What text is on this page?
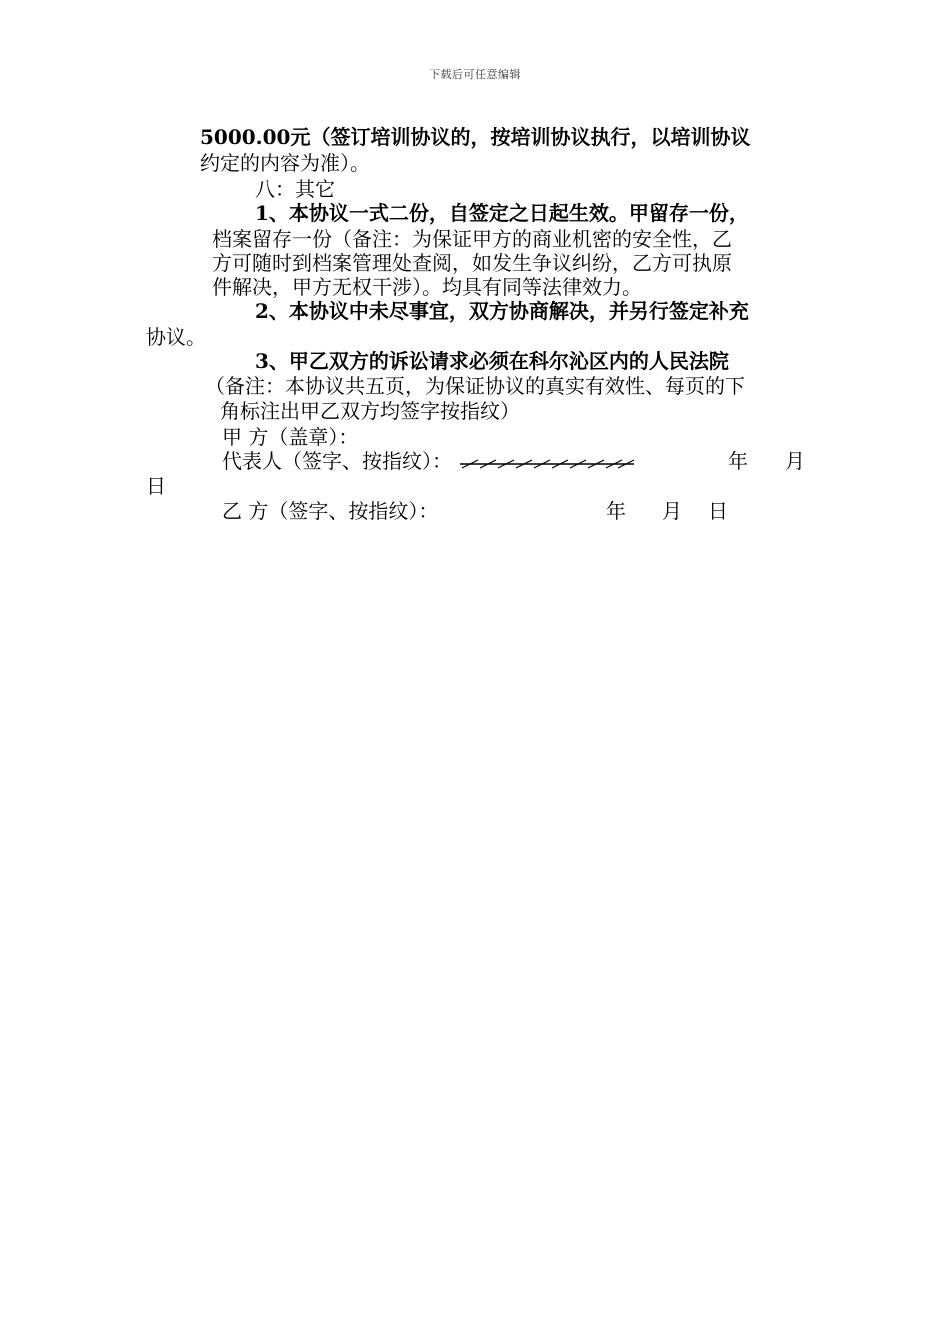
下载后可任意编辑
5000.00元（签订培训协议的，按培训协议执行，以培训协议
约定的内容为准）。
八：其它
1、本协议一式二份，自签定之日起生效。甲留存一份，
档案留存一份（备注：为保证甲方的商业机密的安全性，乙
方可随时到档案管理处查阅，如发生争议纠纷，乙方可执原
件解决，甲方无权干涉）。均具有同等法律效力。
2、本协议中未尽事宜，双方协商解决，并另行签定补充
协议。
3、甲乙双方的诉讼请求必须在科尔沁区内的人民法院
（备注：本协议共五页，为保证协议的真实有效性、每页的下
角标注出甲乙双方均签字按指纹）
甲 方（盖章）：
代表人（签字、按指纹）：	年 月
日
乙 方（签字、按指纹）：	年 月 日
